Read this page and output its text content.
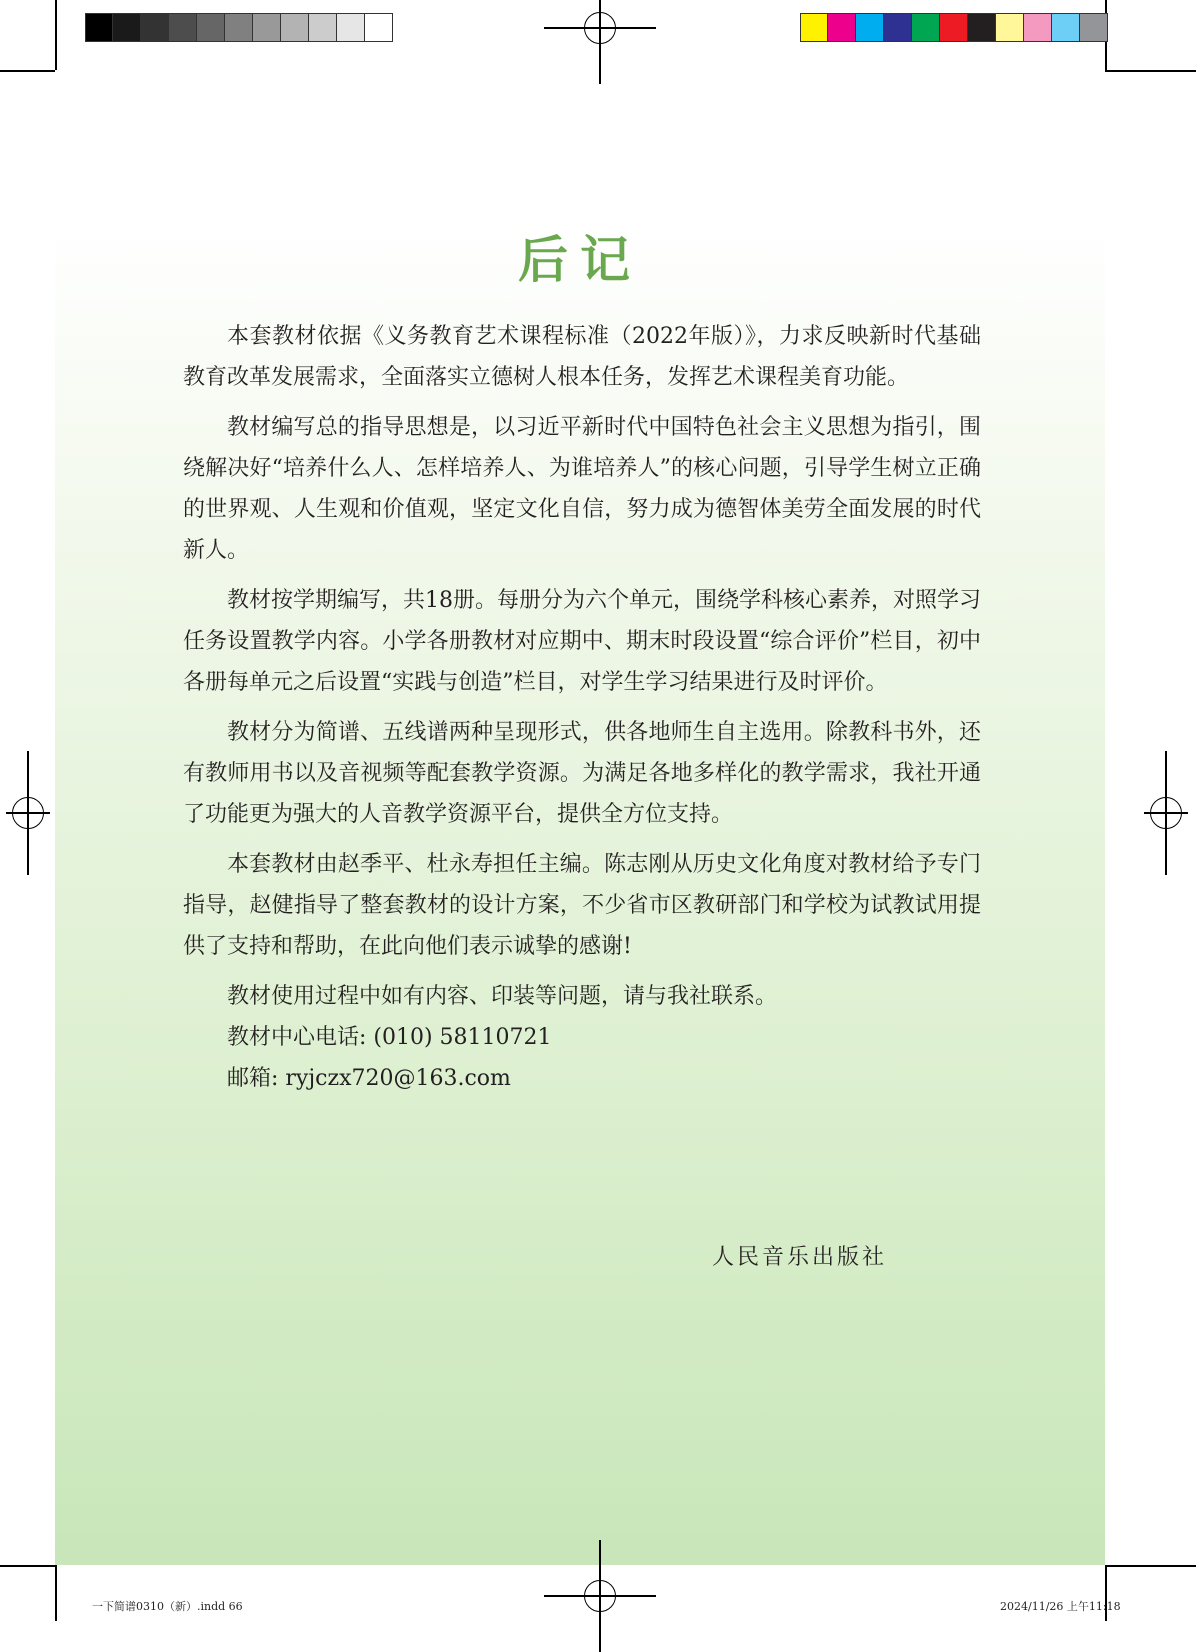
后记

本套教材依据《义务教育艺术课程标准（2022年版）》，力求反映新时代基础教育改革发展需求，全面落实立德树人根本任务，发挥艺术课程美育功能。

教材编写总的指导思想是，以习近平新时代中国特色社会主义思想为指引，围绕解决好“培养什么人、怎样培养人、为谁培养人”的核心问题，引导学生树立正确的世界观、人生观和价值观，坚定文化自信，努力成为德智体美劳全面发展的时代新人。

教材按学期编写，共18册。每册分为六个单元，围绕学科核心素养，对照学习任务设置教学内容。小学各册教材对应期中、期末时段设置“综合评价”栏目，初中各册每单元之后设置“实践与创造”栏目，对学生学习结果进行及时评价。

教材分为简谱、五线谱两种呈现形式，供各地师生自主选用。除教科书外，还有教师用书以及音视频等配套教学资源。为满足各地多样化的教学需求，我社开通了功能更为强大的人音教学资源平台，提供全方位支持。

本套教材由赵季平、杜永寿担任主编。陈志刚从历史文化角度对教材给予专门指导，赵健指导了整套教材的设计方案，不少省市区教研部门和学校为试教试用提供了支持和帮助，在此向他们表示诚挚的感谢!

教材使用过程中如有内容、印装等问题，请与我社联系。
教材中心电话: (010) 58110721
邮箱: ryjczx720@163.com
人民音乐出版社
一下简谱0310（新）.indd 66	2024/11/26 上午11:18
